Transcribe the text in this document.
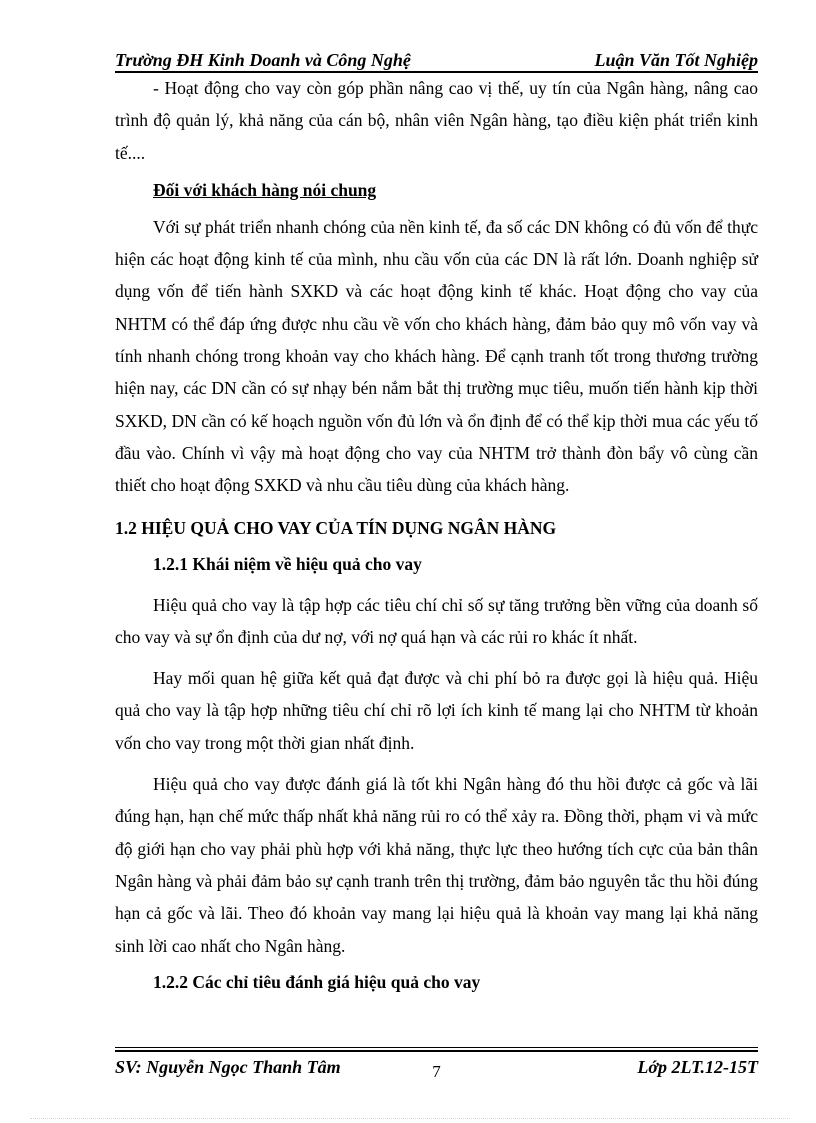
Trường ĐH Kinh Doanh và Công Nghệ	Luận Văn Tốt Nghiệp

- Hoạt động cho vay còn góp phần nâng cao vị thế, uy tín của Ngân hàng, nâng cao trình độ quản lý, khả năng của cán bộ, nhân viên Ngân hàng, tạo điều kiện phát triển kinh tế....

Đối với khách hàng nói chung

Với sự phát triển nhanh chóng của nền kinh tế, đa số các DN không có đủ vốn để thực hiện các hoạt động kinh tế của mình, nhu cầu vốn của các DN là rất lớn. Doanh nghiệp sử dụng vốn để tiến hành SXKD và các hoạt động kinh tế khác. Hoạt động cho vay của NHTM có thể đáp ứng được nhu cầu về vốn cho khách hàng, đảm bảo quy mô vốn vay và tính nhanh chóng trong khoản vay cho khách hàng. Để cạnh tranh tốt trong thương trường hiện nay, các DN cần có sự nhạy bén nắm bắt thị trường mục tiêu, muốn tiến hành kịp thời SXKD, DN cần có kế hoạch nguồn vốn đủ lớn và ổn định để có thể kịp thời mua các yếu tố đầu vào. Chính vì vậy mà hoạt động cho vay của NHTM trở thành đòn bẩy vô cùng cần thiết cho hoạt động SXKD và nhu cầu tiêu dùng của khách hàng.

1.2 HIỆU QUẢ CHO VAY CỦA TÍN DỤNG NGÂN HÀNG
1.2.1 Khái niệm về hiệu quả cho vay

Hiệu quả cho vay là tập hợp các tiêu chí chỉ số sự tăng trưởng bền vững của doanh số cho vay và sự ổn định của dư nợ, với nợ quá hạn và các rủi ro khác ít nhất.

Hay mối quan hệ giữa kết quả đạt được và chi phí bỏ ra được gọi là hiệu quả. Hiệu quả cho vay là tập hợp những tiêu chí chỉ rõ lợi ích kinh tế mang lại cho NHTM từ khoản vốn cho vay trong một thời gian nhất định.

Hiệu quả cho vay được đánh giá là tốt khi Ngân hàng đó thu hồi được cả gốc và lãi đúng hạn, hạn chế mức thấp nhất khả năng rủi ro có thể xảy ra. Đồng thời, phạm vi và mức độ giới hạn cho vay phải phù hợp với khả năng, thực lực theo hướng tích cực của bản thân Ngân hàng và phải đảm bảo sự cạnh tranh trên thị trường, đảm bảo nguyên tắc thu hồi đúng hạn cả gốc và lãi. Theo đó khoản vay mang lại hiệu quả là khoản vay mang lại khả năng sinh lời cao nhất cho Ngân hàng.

1.2.2 Các chỉ tiêu đánh giá hiệu quả cho vay
SV: Nguyễn Ngọc Thanh Tâm	7	Lớp 2LT.12-15T
